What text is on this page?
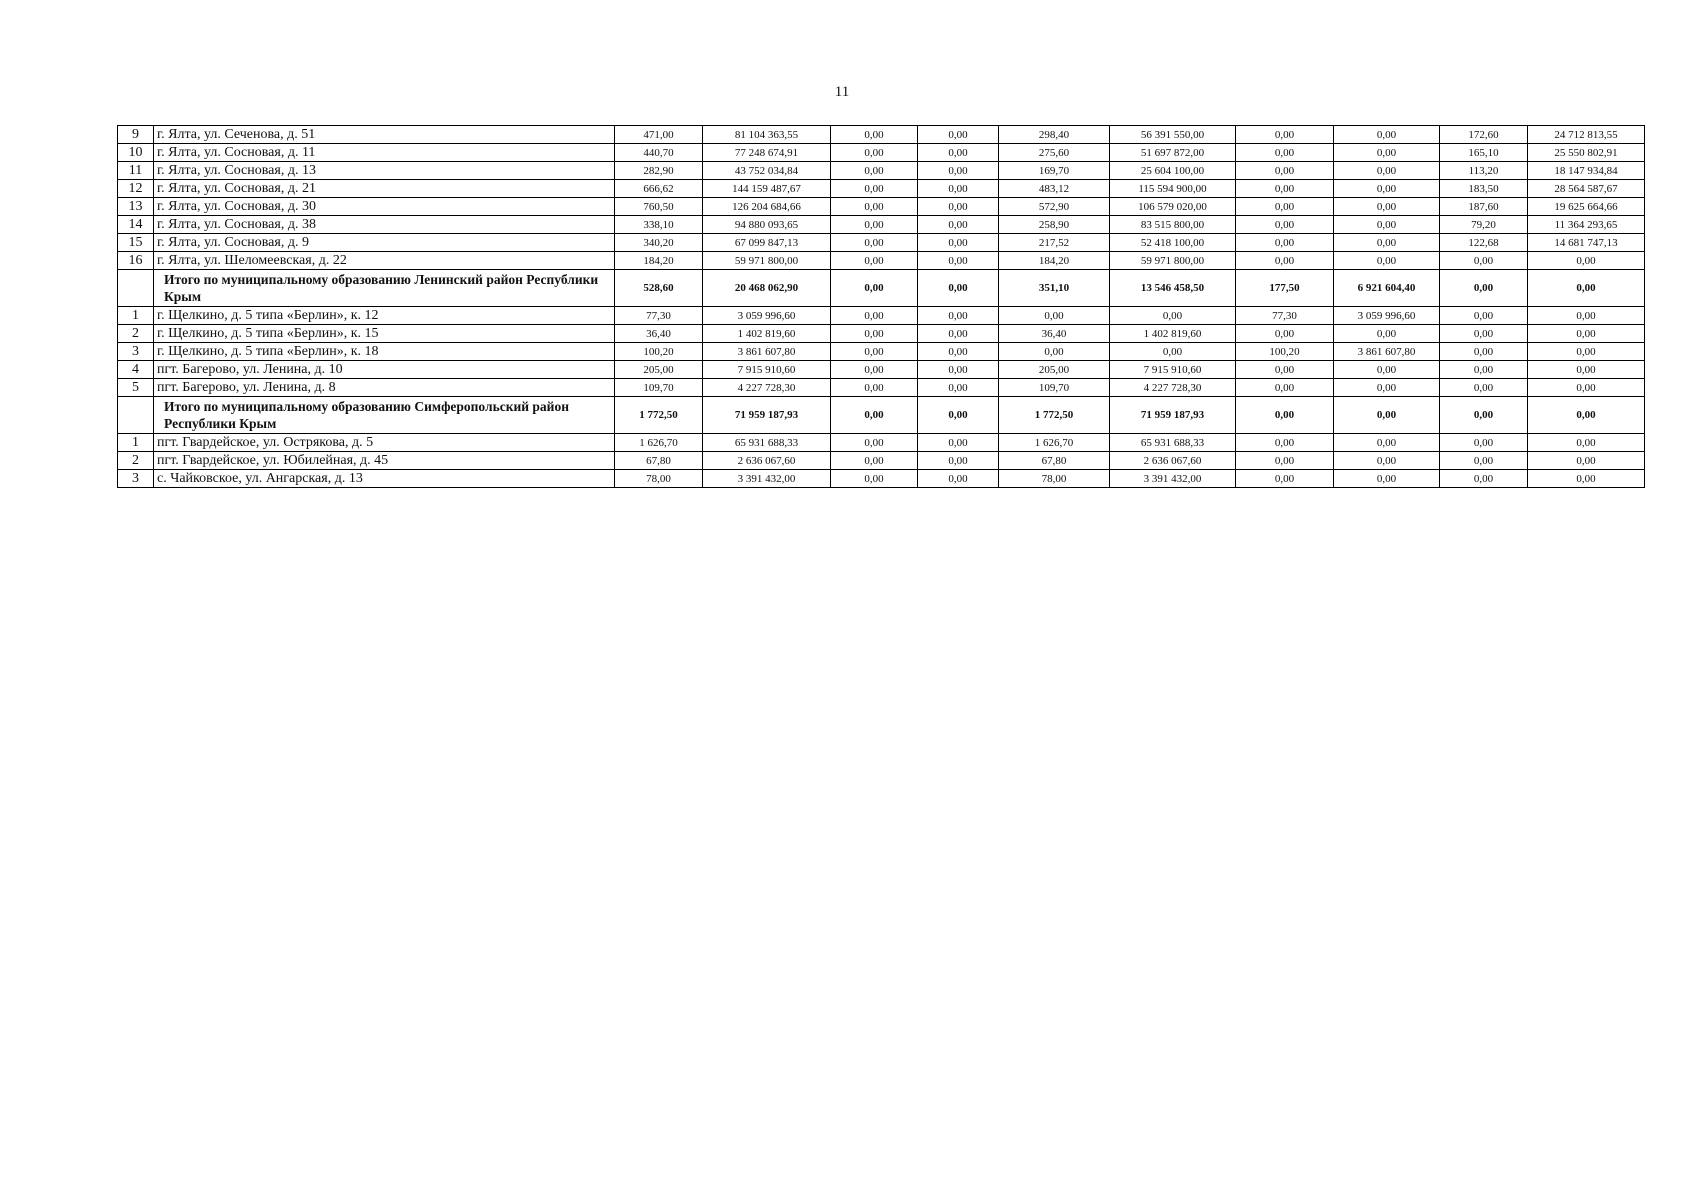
11
9	г. Ялта, ул. Сеченова, д. 51	471,00	81 104 363,55	0,00	0,00	298,40	56 391 550,00	0,00	0,00	172,60	24 712 813,55
10	г. Ялта, ул. Сосновая, д. 11	440,70	77 248 674,91	0,00	0,00	275,60	51 697 872,00	0,00	0,00	165,10	25 550 802,91
11	г. Ялта, ул. Сосновая, д. 13	282,90	43 752 034,84	0,00	0,00	169,70	25 604 100,00	0,00	0,00	113,20	18 147 934,84
12	г. Ялта, ул. Сосновая, д. 21	666,62	144 159 487,67	0,00	0,00	483,12	115 594 900,00	0,00	0,00	183,50	28 564 587,67
13	г. Ялта, ул. Сосновая, д. 30	760,50	126 204 684,66	0,00	0,00	572,90	106 579 020,00	0,00	0,00	187,60	19 625 664,66
14	г. Ялта, ул. Сосновая, д. 38	338,10	94 880 093,65	0,00	0,00	258,90	83 515 800,00	0,00	0,00	79,20	11 364 293,65
15	г. Ялта, ул. Сосновая, д. 9	340,20	67 099 847,13	0,00	0,00	217,52	52 418 100,00	0,00	0,00	122,68	14 681 747,13
16	г. Ялта, ул. Шеломеевская, д. 22	184,20	59 971 800,00	0,00	0,00	184,20	59 971 800,00	0,00	0,00	0,00	0,00
	Итого по муниципальному образованию Ленинский район Республики Крым	528,60	20 468 062,90	0,00	0,00	351,10	13 546 458,50	177,50	6 921 604,40	0,00	0,00
1	г. Щелкино, д. 5 типа «Берлин», к. 12	77,30	3 059 996,60	0,00	0,00	0,00	0,00	77,30	3 059 996,60	0,00	0,00
2	г. Щелкино, д. 5 типа «Берлин», к. 15	36,40	1 402 819,60	0,00	0,00	36,40	1 402 819,60	0,00	0,00	0,00	0,00
3	г. Щелкино, д. 5 типа «Берлин», к. 18	100,20	3 861 607,80	0,00	0,00	0,00	0,00	100,20	3 861 607,80	0,00	0,00
4	пгт. Багерово, ул. Ленина, д. 10	205,00	7 915 910,60	0,00	0,00	205,00	7 915 910,60	0,00	0,00	0,00	0,00
5	пгт. Багерово, ул. Ленина, д. 8	109,70	4 227 728,30	0,00	0,00	109,70	4 227 728,30	0,00	0,00	0,00	0,00
	Итого по муниципальному образованию Симферопольский район Республики Крым	1 772,50	71 959 187,93	0,00	0,00	1 772,50	71 959 187,93	0,00	0,00	0,00	0,00
1	пгт. Гвардейское, ул. Острякова, д. 5	1 626,70	65 931 688,33	0,00	0,00	1 626,70	65 931 688,33	0,00	0,00	0,00	0,00
2	пгт. Гвардейское, ул. Юбилейная, д. 45	67,80	2 636 067,60	0,00	0,00	67,80	2 636 067,60	0,00	0,00	0,00	0,00
3	с. Чайковское, ул. Ангарская, д. 13	78,00	3 391 432,00	0,00	0,00	78,00	3 391 432,00	0,00	0,00	0,00	0,00
